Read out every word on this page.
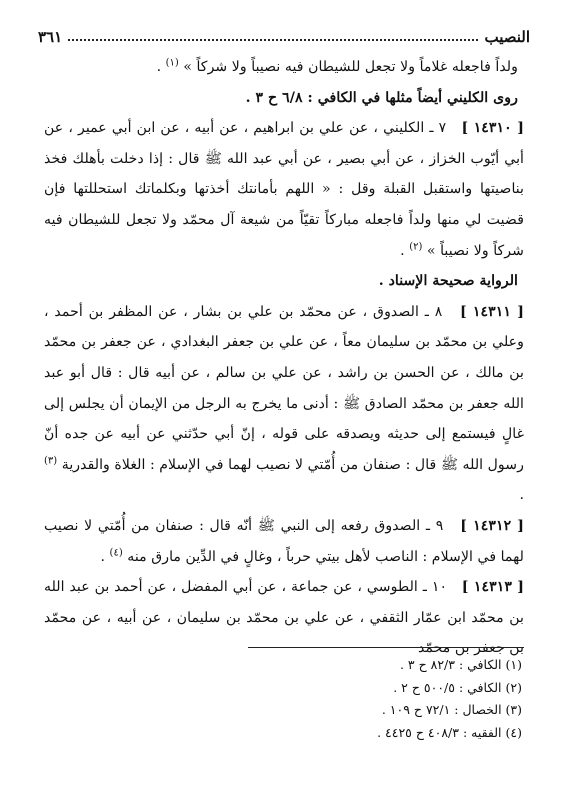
النصيب
٣٦١

ولداً فاجعله غلاماً ولا تجعل للشيطان فيه نصيباً ولا شركاً » $^{(١)}$ .

روى الكليني أيضاً مثلها في الكافي : ٦/٨ ح ٣ .

[ ١٤٣١٠ ]   ٧ ـ الكليني ، عن علي بن ابراهيم ، عن أبيه ، عن ابن أبي عمير ، عن أبي أيّوب الخزاز ، عن أبي بصير ، عن أبي عبد الله ﷺ قال : إذا دخلت بأهلك فخذ بناصيتها واستقبل القبلة وقل : « اللهم بأمانتك أخذتها وبكلماتك استحللتها فإن قضيت لي منها ولداً فاجعله مباركاً تقيّاً من شيعة آل محمّد ولا تجعل للشيطان فيه شركاً ولا نصيباً » $^{(٢)}$ .

الرواية صحيحة الإسناد .

[ ١٤٣١١ ]   ٨ ـ الصدوق ، عن محمّد بن علي بن بشار ، عن المظفر بن أحمد ، وعلي بن محمّد بن سليمان معاً ، عن علي بن جعفر البغدادي ، عن جعفر بن محمّد بن مالك ، عن الحسن بن راشد ، عن علي بن سالم ، عن أبيه قال : قال أبو عبد الله جعفر بن محمّد الصادق ﷺ : أدنى ما يخرج به الرجل من الإيمان أن يجلس إلى غالٍ فيستمع إلى حديثه ويصدقه على قوله ، إنّ أبي حدّثني عن أبيه عن جده أنّ رسول الله ﷺ قال : صنفان من أُمّتي لا نصيب لهما في الإسلام : الغلاة والقدرية $^{(٣)}$ .

[ ١٤٣١٢ ]   ٩ ـ الصدوق رفعه إلى النبي ﷺ أنّه قال : صنفان من أُمّتي لا نصيب لهما في الإسلام : الناصب لأهل بيتي حرباً ، وغالٍ في الدِّين مارق منه $^{(٤)}$ .

[ ١٤٣١٣ ]   ١٠ ـ الطوسي ، عن جماعة ، عن أبي المفضل ، عن أحمد بن عبد الله بن محمّد ابن عمّار الثقفي ، عن علي بن محمّد بن سليمان ، عن أبيه ، عن محمّد بن جعفر بن محمّد

(١) الكافي : ٨٢/٣ ح ٣ .

(٢) الكافي : ٥٠٠/٥ ح ٢ .

(٣) الخصال : ٧٢/١ ح ١٠٩ .

(٤) الفقيه : ٤٠٨/٣ ح ٤٤٢٥ .
